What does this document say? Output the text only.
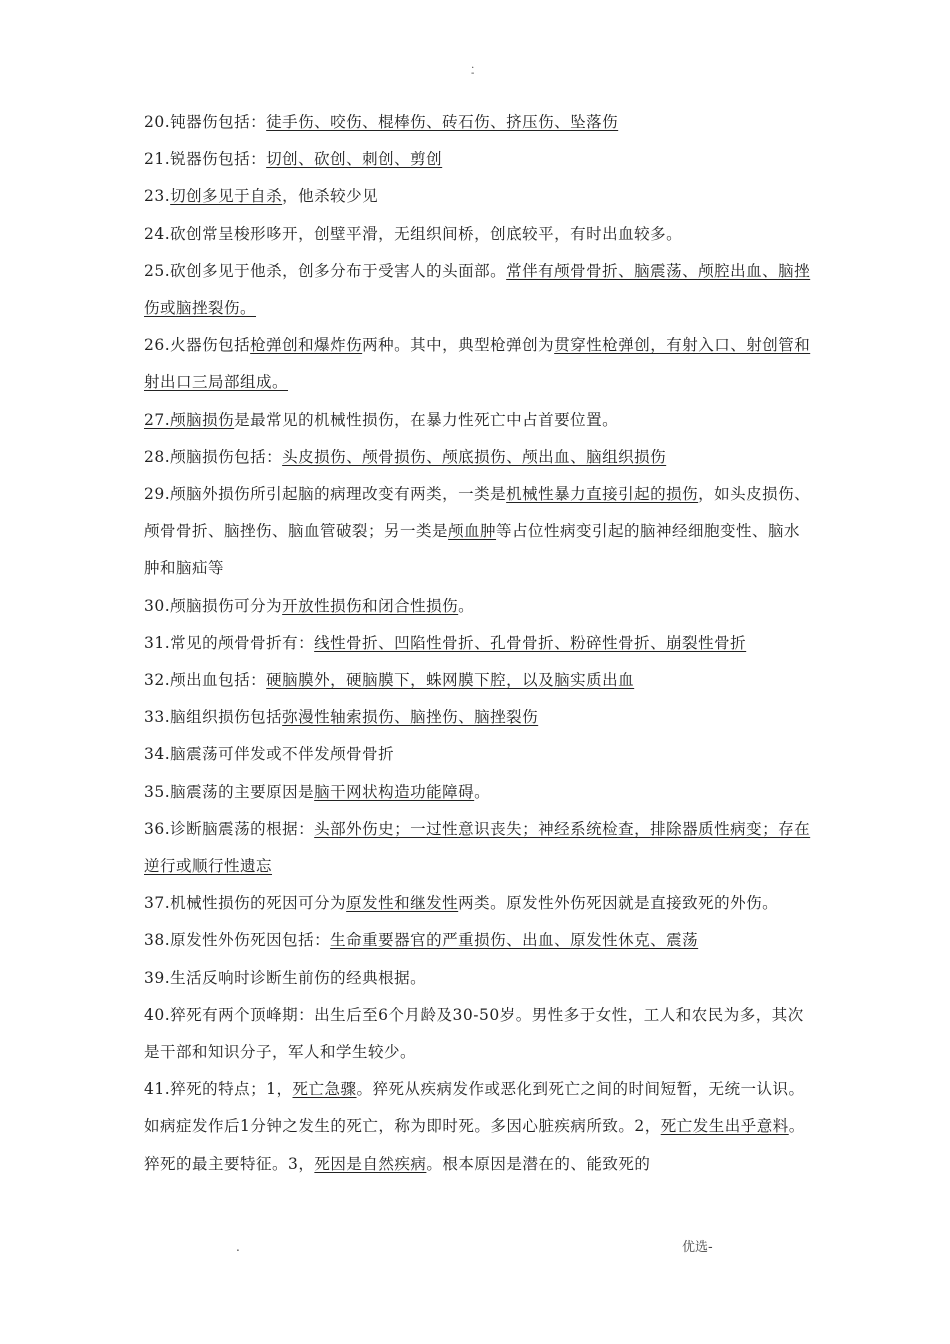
.
-

20.钝器伤包括：徒手伤、咬伤、棍棒伤、砖石伤、挤压伤、坠落伤

21.锐器伤包括：切创、砍创、刺创、剪创

23.切创多见于自杀，他杀较少见

24.砍创常呈梭形哆开，创壁平滑，无组织间桥，创底较平，有时出血较多。

25.砍创多见于他杀，创多分布于受害人的头面部。常伴有颅骨骨折、脑震荡、颅腔出血、脑挫伤或脑挫裂伤。

26.火器伤包括枪弹创和爆炸伤两种。其中，典型枪弹创为贯穿性枪弹创，有射入口、射创管和射出口三局部组成。

27.颅脑损伤是最常见的机械性损伤，在暴力性死亡中占首要位置。

28.颅脑损伤包括：头皮损伤、颅骨损伤、颅底损伤、颅出血、脑组织损伤

29.颅脑外损伤所引起脑的病理改变有两类，一类是机械性暴力直接引起的损伤，如头皮损伤、颅骨骨折、脑挫伤、脑血管破裂；另一类是颅血肿等占位性病变引起的脑神经细胞变性、脑水肿和脑疝等

30.颅脑损伤可分为开放性损伤和闭合性损伤。

31.常见的颅骨骨折有：线性骨折、凹陷性骨折、孔骨骨折、粉碎性骨折、崩裂性骨折

32.颅出血包括：硬脑膜外，硬脑膜下，蛛网膜下腔，以及脑实质出血

33.脑组织损伤包括弥漫性轴索损伤、脑挫伤、脑挫裂伤

34.脑震荡可伴发或不伴发颅骨骨折

35.脑震荡的主要原因是脑干网状构造功能障碍。

36.诊断脑震荡的根据：头部外伤史；一过性意识丧失；神经系统检查，排除器质性病变；存在逆行或顺行性遗忘

37.机械性损伤的死因可分为原发性和继发性两类。原发性外伤死因就是直接致死的外伤。

38.原发性外伤死因包括：生命重要器官的严重损伤、出血、原发性休克、震荡

39.生活反响时诊断生前伤的经典根据。

40.猝死有两个顶峰期：出生后至6个月龄及30-50岁。男性多于女性，工人和农民为多，其次是干部和知识分子，军人和学生较少。

41.猝死的特点；1，死亡急骤。猝死从疾病发作或恶化到死亡之间的时间短暂，无统一认识。如病症发作后1分钟之发生的死亡，称为即时死。多因心脏疾病所致。2，死亡发生出乎意料。猝死的最主要特征。3，死因是自然疾病。根本原因是潜在的、能致死的

.	优选-
